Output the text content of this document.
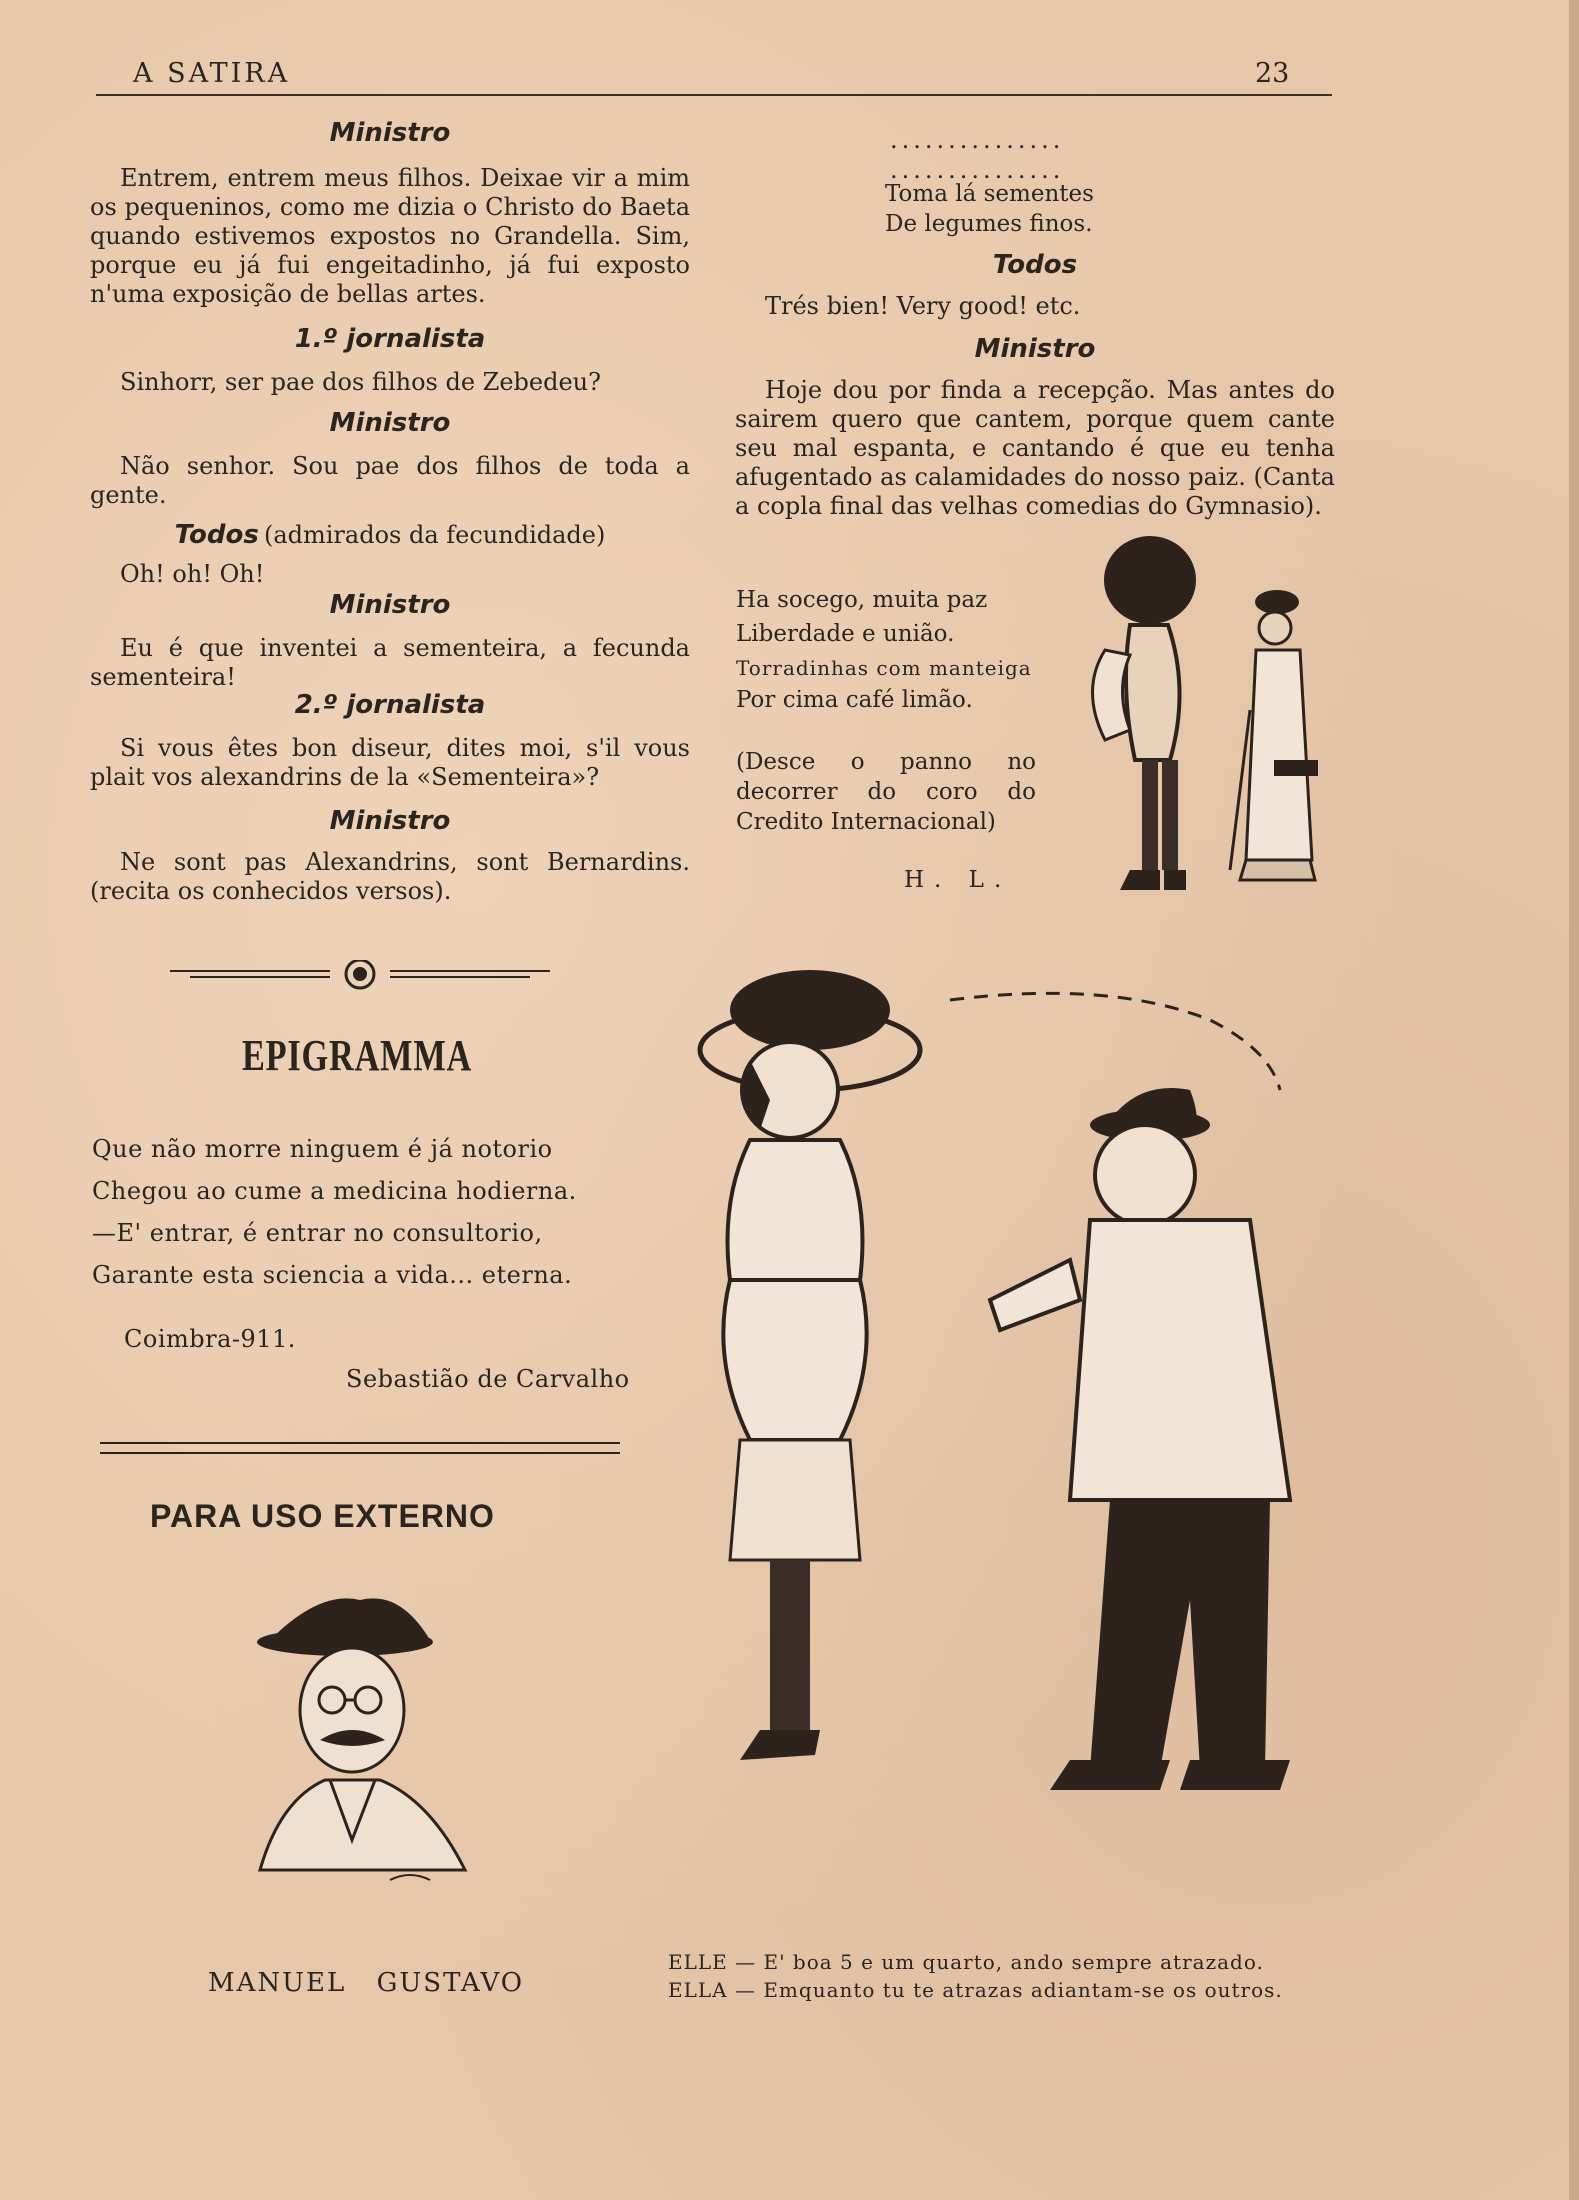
A SATIRA	23
Ministro
Entrem, entrem meus filhos. Deixae vir a mim os pequeninos, como me dizia o Christo do Baeta quando estivemos expostos no Grandella. Sim, porque eu já fui engeitadinho, já fui exposto n'uma exposição de bellas artes.
1.º jornalista
Sinhorr, ser pae dos filhos de Zebedeu?
Ministro
Não senhor. Sou pae dos filhos de toda a gente.
Todos (admirados da fecundidade)
Oh! oh! Oh!
Ministro
Eu é que inventei a sementeira, a fecunda sementeira!
2.º jornalista
Si vous êtes bon diseur, dites moi, s'il vous plait vos alexandrins de la «Sementeira»?
Ministro
Ne sont pas Alexandrins, sont Bernardins. (recita os conhecidos versos).
...............
...............
Toma lá sementes
De legumes finos.
Todos
Trés bien! Very good! etc.
Ministro
Hoje dou por finda a recepção. Mas antes do sairem quero que cantem, porque quem cante seu mal espanta, e cantando é que eu tenha afugentado as calamidades do nosso paiz. (Canta a copla final das velhas comedias do Gymnasio).
Ha socego, muita paz
Liberdade e união.
Torradinhas com manteiga
Por cima café limão.
(Desce o panno no
decorrer do coro do
Credito Internacional)
H. L.
EPIGRAMMA
Que não morre ninguem é já notorio
Chegou ao cume a medicina hodierna.
—E' entrar, é entrar no consultorio,
Garante esta sciencia a vida... eterna.
Coimbra-911.
Sebastião de Carvalho
PARA USO EXTERNO
MANUEL GUSTAVO
ELLE — E' boa 5 e um quarto, ando sempre atrazado.
ELLA — Emquanto tu te atrazas adiantam-se os outros.
